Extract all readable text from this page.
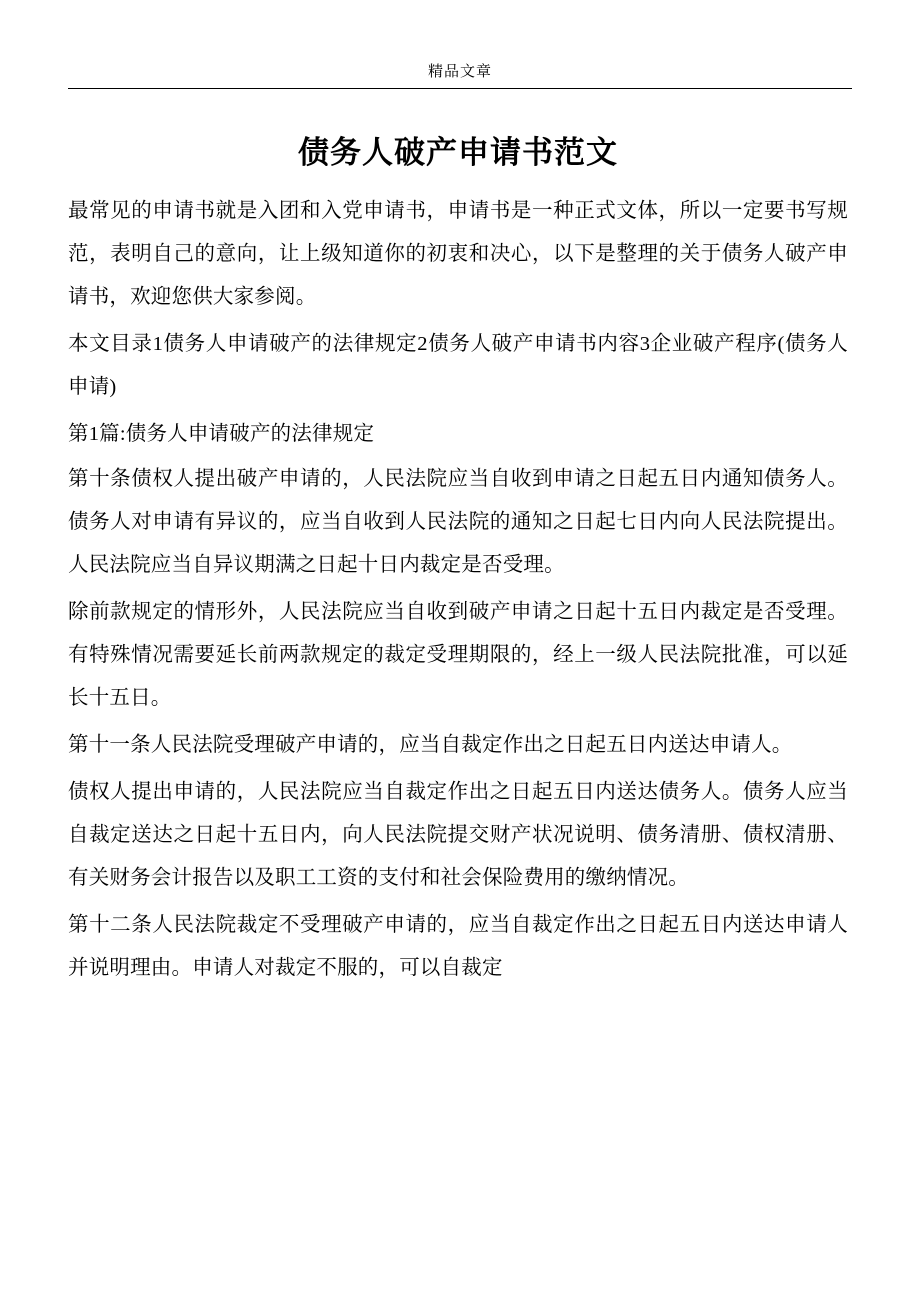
精品文章
债务人破产申请书范文

最常见的申请书就是入团和入党申请书，申请书是一种正式文体，所以一定要书写规范，表明自己的意向，让上级知道你的初衷和决心，以下是整理的关于债务人破产申请书，欢迎您供大家参阅。

本文目录1债务人申请破产的法律规定2债务人破产申请书内容3企业破产程序(债务人申请)

第1篇:债务人申请破产的法律规定

第十条债权人提出破产申请的，人民法院应当自收到申请之日起五日内通知债务人。债务人对申请有异议的，应当自收到人民法院的通知之日起七日内向人民法院提出。人民法院应当自异议期满之日起十日内裁定是否受理。

除前款规定的情形外，人民法院应当自收到破产申请之日起十五日内裁定是否受理。有特殊情况需要延长前两款规定的裁定受理期限的，经上一级人民法院批准，可以延长十五日。

第十一条人民法院受理破产申请的，应当自裁定作出之日起五日内送达申请人。

债权人提出申请的，人民法院应当自裁定作出之日起五日内送达债务人。债务人应当自裁定送达之日起十五日内，向人民法院提交财产状况说明、债务清册、债权清册、有关财务会计报告以及职工工资的支付和社会保险费用的缴纳情况。

第十二条人民法院裁定不受理破产申请的，应当自裁定作出之日起五日内送达申请人并说明理由。申请人对裁定不服的，可以自裁定
